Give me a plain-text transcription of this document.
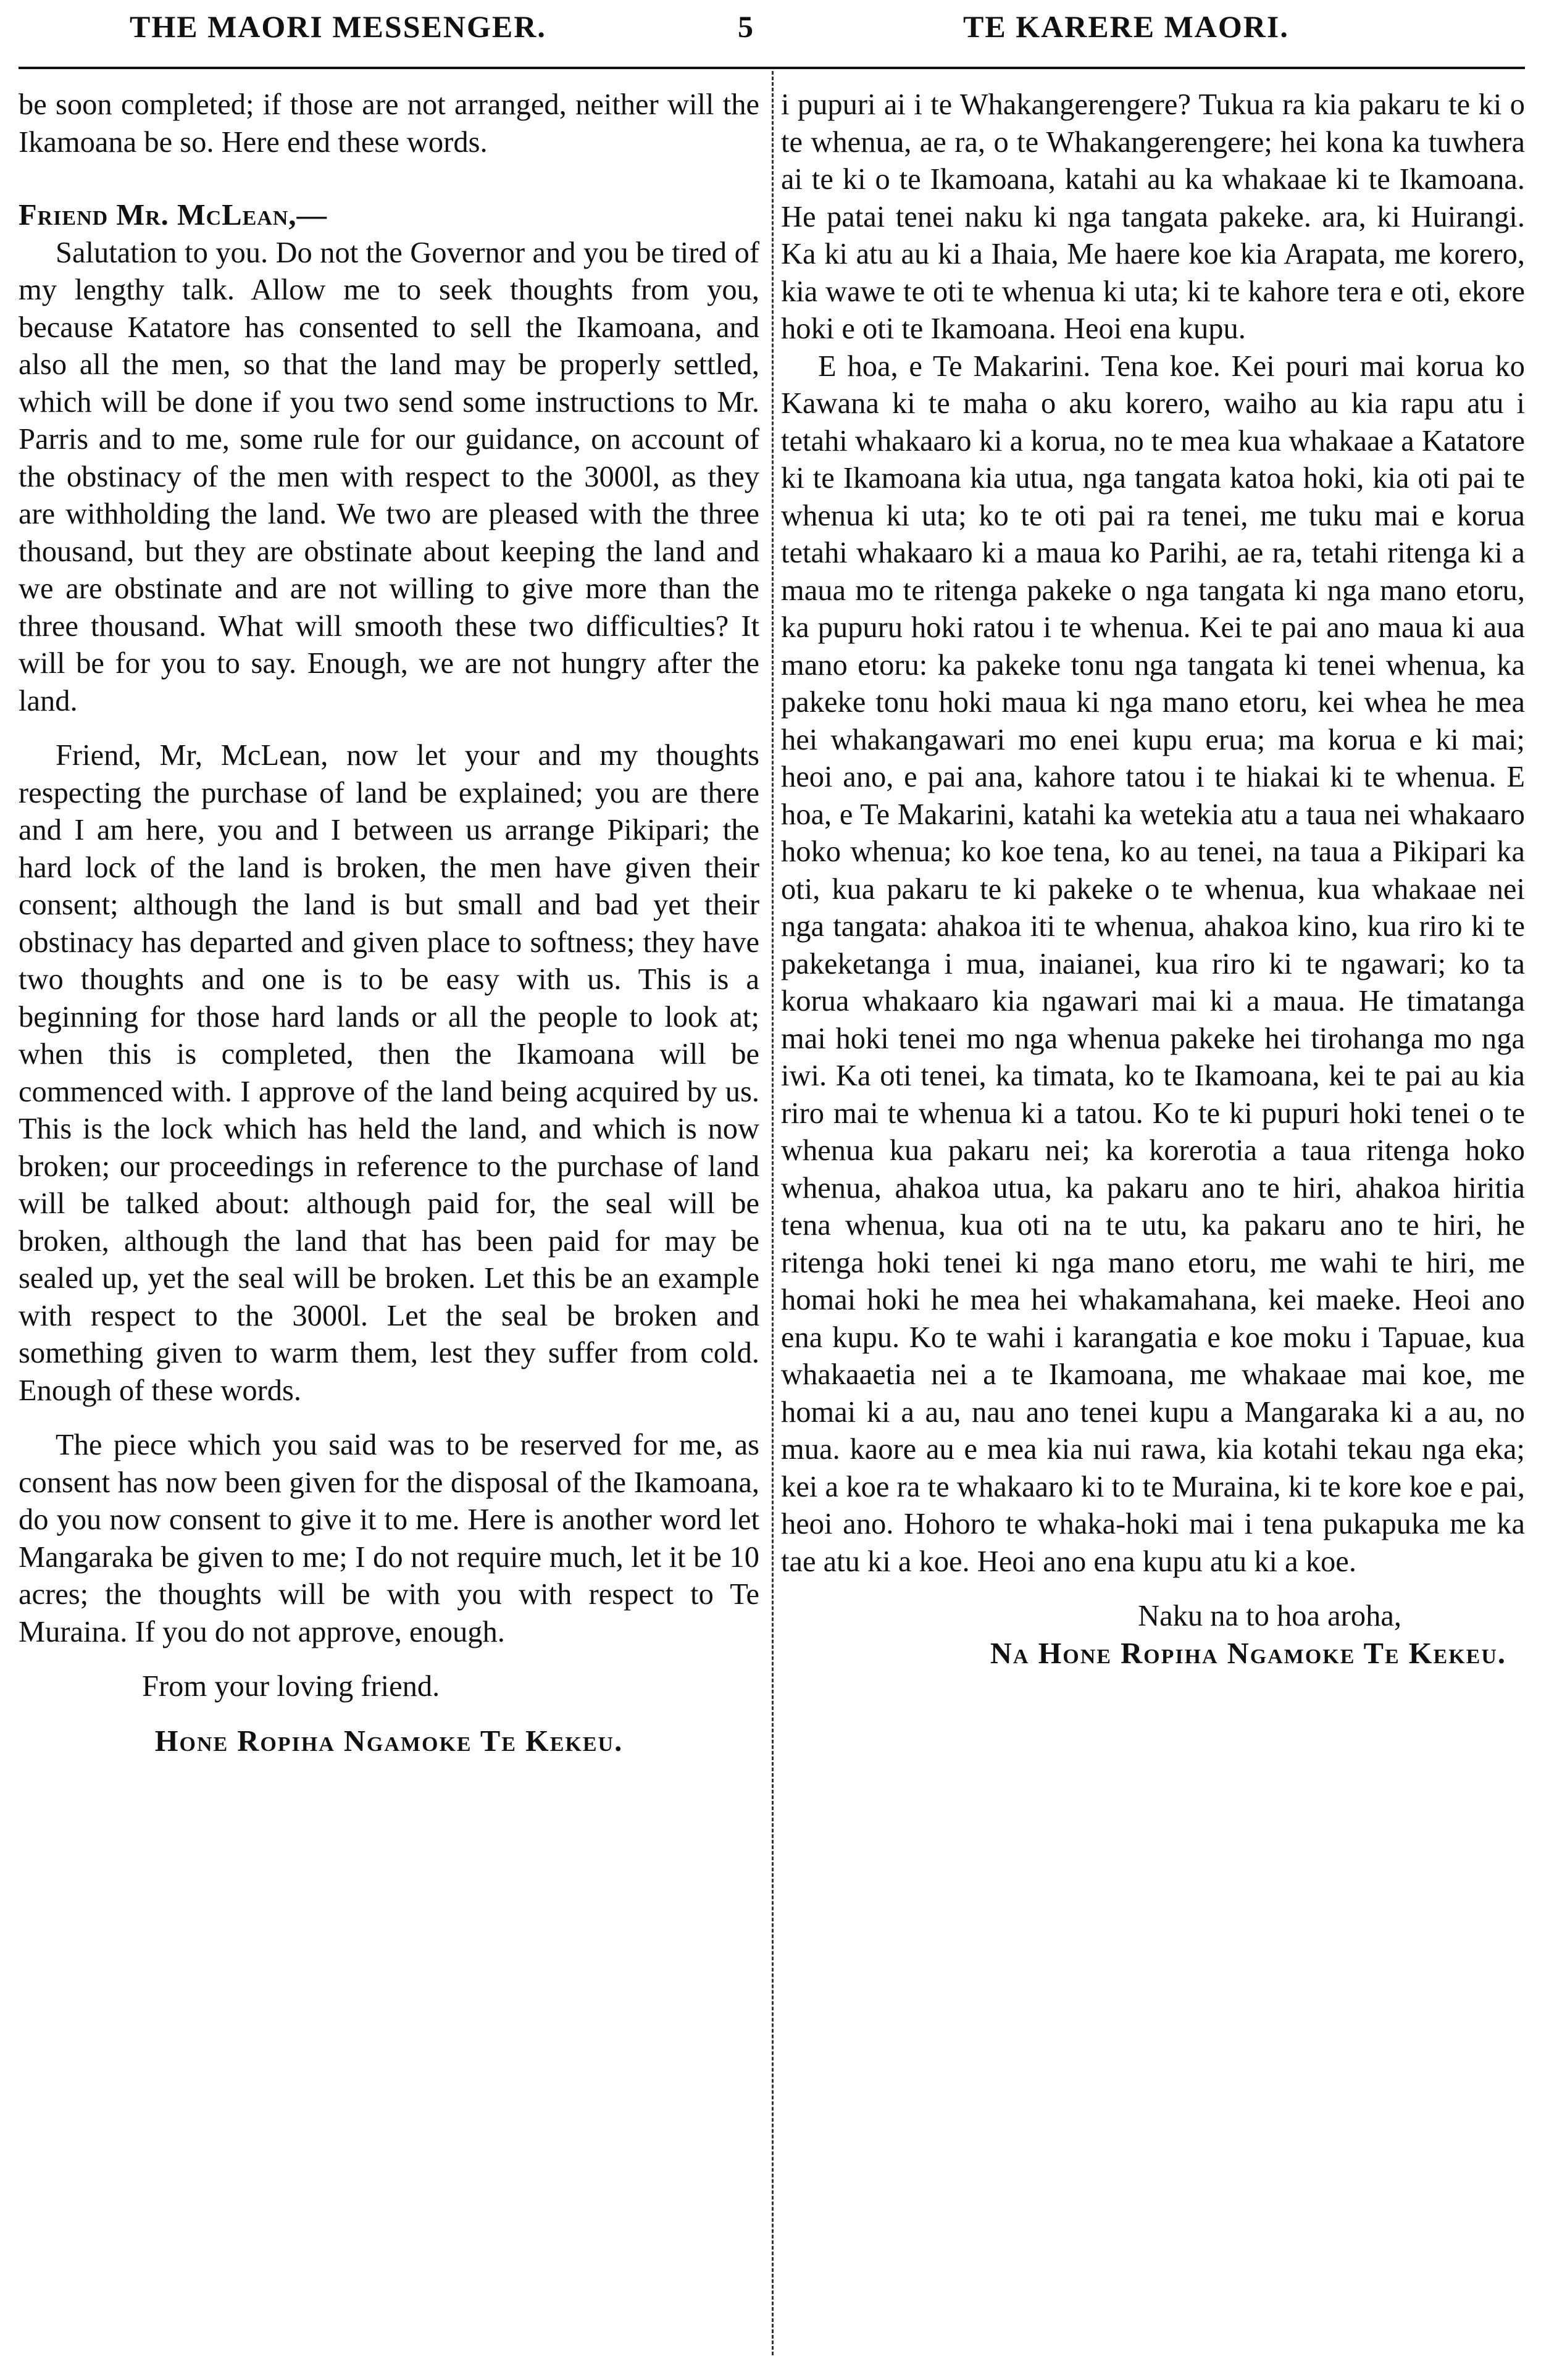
THE MAORI MESSENGER.	5	TE KARERE MAORI.

be soon completed; if those are not arranged, neither will the Ikamoana be so. Here end these words.

Friend Mr. McLean,—

Salutation to you. Do not the Governor and you be tired of my lengthy talk. Allow me to seek thoughts from you, because Katatore has consented to sell the Ikamoana, and also all the men, so that the land may be properly settled, which will be done if you two send some instructions to Mr. Parris and to me, some rule for our guidance, on account of the obstinacy of the men with respect to the 3000l, as they are withholding the land. We two are pleased with the three thousand, but they are obstinate about keeping the land and we are obstinate and are not willing to give more than the three thousand. What will smooth these two difficulties? It will be for you to say. Enough, we are not hungry after the land.

Friend, Mr, McLean, now let your and my thoughts respecting the purchase of land be explained; you are there and I am here, you and I between us arrange Pikipari; the hard lock of the land is broken, the men have given their consent; although the land is but small and bad yet their obstinacy has departed and given place to softness; they have two thoughts and one is to be easy with us. This is a beginning for those hard lands or all the people to look at; when this is completed, then the Ikamoana will be commenced with. I approve of the land being acquired by us. This is the lock which has held the land, and which is now broken; our proceedings in reference to the purchase of land will be talked about: although paid for, the seal will be broken, although the land that has been paid for may be sealed up, yet the seal will be broken. Let this be an example with respect to the 3000l. Let the seal be broken and something given to warm them, lest they suffer from cold. Enough of these words.

The piece which you said was to be reserved for me, as consent has now been given for the disposal of the Ikamoana, do you now consent to give it to me. Here is another word let Mangaraka be given to me; I do not require much, let it be 10 acres; the thoughts will be with you with respect to Te Muraina. If you do not approve, enough.

From your loving friend.

Hone Ropiha Ngamoke Te Kekeu.

i pupuri ai i te Whakangerengere? Tukua ra kia pakaru te ki o te whenua, ae ra, o te Whakangerengere; hei kona ka tuwhera ai te ki o te Ikamoana, katahi au ka whakaae ki te Ikamoana. He patai tenei naku ki nga tangata pakeke. ara, ki Huirangi. Ka ki atu au ki a Ihaia, Me haere koe kia Arapata, me korero, kia wawe te oti te whenua ki uta; ki te kahore tera e oti, ekore hoki e oti te Ikamoana. Heoi ena kupu.

E hoa, e Te Makarini. Tena koe. Kei pouri mai korua ko Kawana ki te maha o aku korero, waiho au kia rapu atu i tetahi whakaaro ki a korua, no te mea kua whakaae a Katatore ki te Ikamoana kia utua, nga tangata katoa hoki, kia oti pai te whenua ki uta; ko te oti pai ra tenei, me tuku mai e korua tetahi whakaaro ki a maua ko Parihi, ae ra, tetahi ritenga ki a maua mo te ritenga pakeke o nga tangata ki nga mano etoru, ka pupuru hoki ratou i te whenua. Kei te pai ano maua ki aua mano etoru: ka pakeke tonu nga tangata ki tenei whenua, ka pakeke tonu hoki maua ki nga mano etoru, kei whea he mea hei whakangawari mo enei kupu erua; ma korua e ki mai; heoi ano, e pai ana, kahore tatou i te hiakai ki te whenua. E hoa, e Te Makarini, katahi ka wetekia atu a taua nei whakaaro hoko whenua; ko koe tena, ko au tenei, na taua a Pikipari ka oti, kua pakaru te ki pakeke o te whenua, kua whakaae nei nga tangata: ahakoa iti te whenua, ahakoa kino, kua riro ki te pakeketanga i mua, inaianei, kua riro ki te ngawari; ko ta korua whakaaro kia ngawari mai ki a maua. He timatanga mai hoki tenei mo nga whenua pakeke hei tirohanga mo nga iwi. Ka oti tenei, ka timata, ko te Ikamoana, kei te pai au kia riro mai te whenua ki a tatou. Ko te ki pupuri hoki tenei o te whenua kua pakaru nei; ka korerotia a taua ritenga hoko whenua, ahakoa utua, ka pakaru ano te hiri, ahakoa hiritia tena whenua, kua oti na te utu, ka pakaru ano te hiri, he ritenga hoki tenei ki nga mano etoru, me wahi te hiri, me homai hoki he mea hei whakamahana, kei maeke. Heoi ano ena kupu. Ko te wahi i karangatia e koe moku i Tapuae, kua whakaaetia nei a te Ikamoana, me whakaae mai koe, me homai ki a au, nau ano tenei kupu a Mangaraka ki a au, no mua. kaore au e mea kia nui rawa, kia kotahi tekau nga eka; kei a koe ra te whakaaro ki to te Muraina, ki te kore koe e pai, heoi ano. Hohoro te whaka-hoki mai i tena pukapuka me ka tae atu ki a koe. Heoi ano ena kupu atu ki a koe.

Naku na to hoa aroha,

Na Hone Ropiha Ngamoke Te Kekeu.
